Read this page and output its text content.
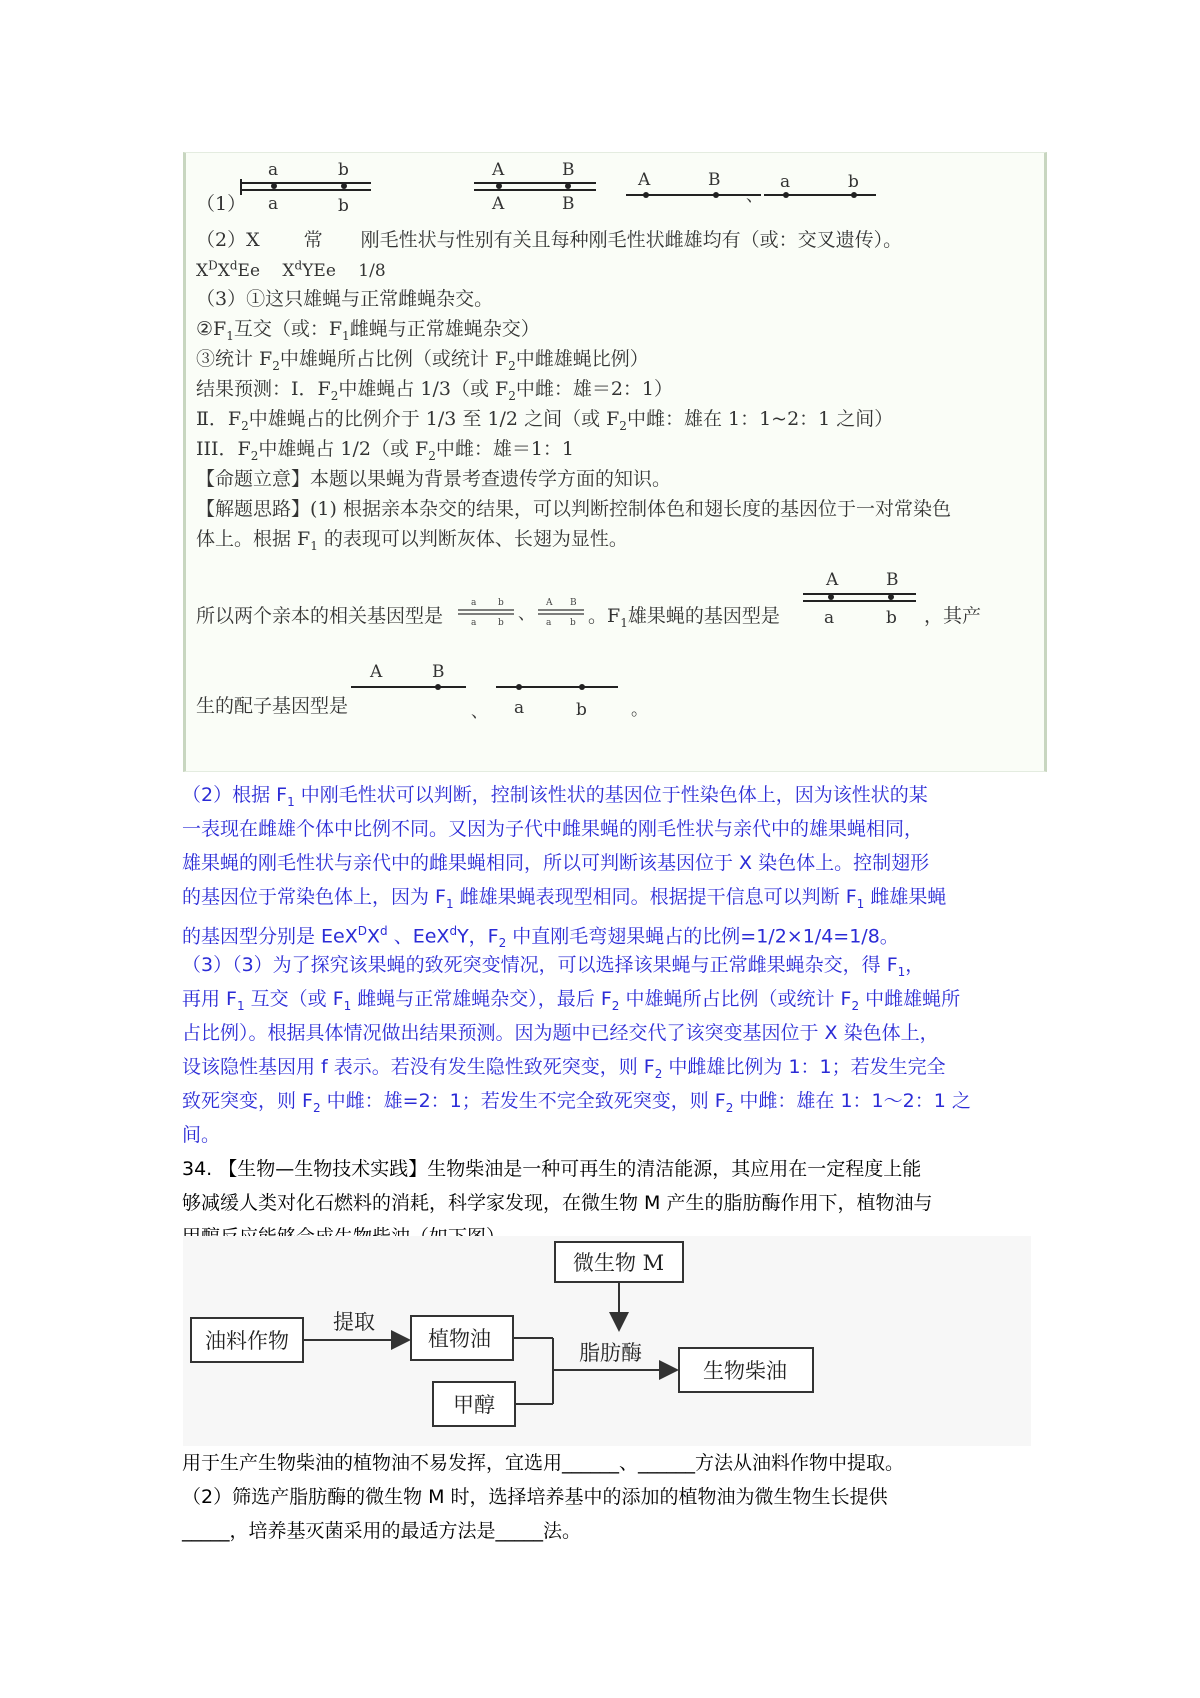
a	b
a	b
A	B
A	B
A	B
、
a	b
（1）
（2）X　　 常　　刚毛性状与性别有关且每种刚毛性状雌雄均有（或：交叉遗传）。
$X^DX^dEe$　 $X^dYEe$　 1/8
（3）①这只雄蝇与正常雌蝇杂交。
$②F_1$互交（或：$F_1$雌蝇与正常雄蝇杂交）
③统计 $F_2$中雄蝇所占比例（或统计 $F_2$中雌雄蝇比例）
结果预测：Ⅰ．$F_2$中雄蝇占 1/3（或 $F_2$中雌：雄＝2：1）
Ⅱ．$F_2$中雄蝇占的比例介于 1/3 至 1/2 之间（或 $F_2$中雌：雄在 1：1~2：1 之间）
III．$F_2$中雄蝇占 1/2（或 $F_2$中雌：雄＝1：1
【命题立意】本题以果蝇为背景考查遗传学方面的知识。
【解题思路】(1) 根据亲本杂交的结果，可以判断控制体色和翅长度的基因位于一对常染色
体上。根据 $F_1$ 的表现可以判断灰体、长翅为显性。
所以两个亲本的相关基因型是
a b
a b 、
A B
a b 。$F_1$雄果蝇的基因型是
A	B
a	b ，其产
生的配子基因型是
A	B
、 a	b	。
（2）根据 $F_1$ 中刚毛性状可以判断，控制该性状的基因位于性染色体上，因为该性状的某
一表现在雌雄个体中比例不同。又因为子代中雌果蝇的刚毛性状与亲代中的雄果蝇相同，
雄果蝇的刚毛性状与亲代中的雌果蝇相同，所以可判断该基因位于 X 染色体上。控制翅形
的基因位于常染色体上，因为 $F_1$ 雌雄果蝇表现型相同。根据提干信息可以判断 $F_1$ 雌雄果蝇
的基因型分别是 $EeX^DX^d$ 、EeX$^d$Y，$F_2$ 中直刚毛弯翅果蝇占的比例=1/2×1/4=1/8。
（3）（3）为了探究该果蝇的致死突变情况，可以选择该果蝇与正常雌果蝇杂交，得 $F_1$，
再用 $F_1$ 互交（或 $F_1$ 雌蝇与正常雄蝇杂交），最后 $F_2$ 中雄蝇所占比例（或统计 $F_2$ 中雌雄蝇所
占比例）。根据具体情况做出结果预测。因为题中已经交代了该突变基因位于 X 染色体上，
设该隐性基因用 f 表示。若没有发生隐性致死突变，则 $F_2$ 中雌雄比例为 1：1；若发生完全
致死突变，则 $F_2$ 中雌：雄=2：1；若发生不完全致死突变，则 $F_2$ 中雌：雄在 1：1～2：1 之
间。
34. 【生物—生物技术实践】生物柴油是一种可再生的清洁能源，其应用在一定程度上能
够减缓人类对化石燃料的消耗，科学家发现，在微生物 M 产生的脂肪酶作用下，植物油与
油料作物
提取
植物油
甲醇
微生物 M
脂肪酶
生物柴油
用于生产生物柴油的植物油不易发挥，宜选用______、______方法从油料作物中提取。
（2）筛选产脂肪酶的微生物 M 时，选择培养基中的添加的植物油为微生物生长提供
_____，培养基灭菌采用的最适方法是_____法。
